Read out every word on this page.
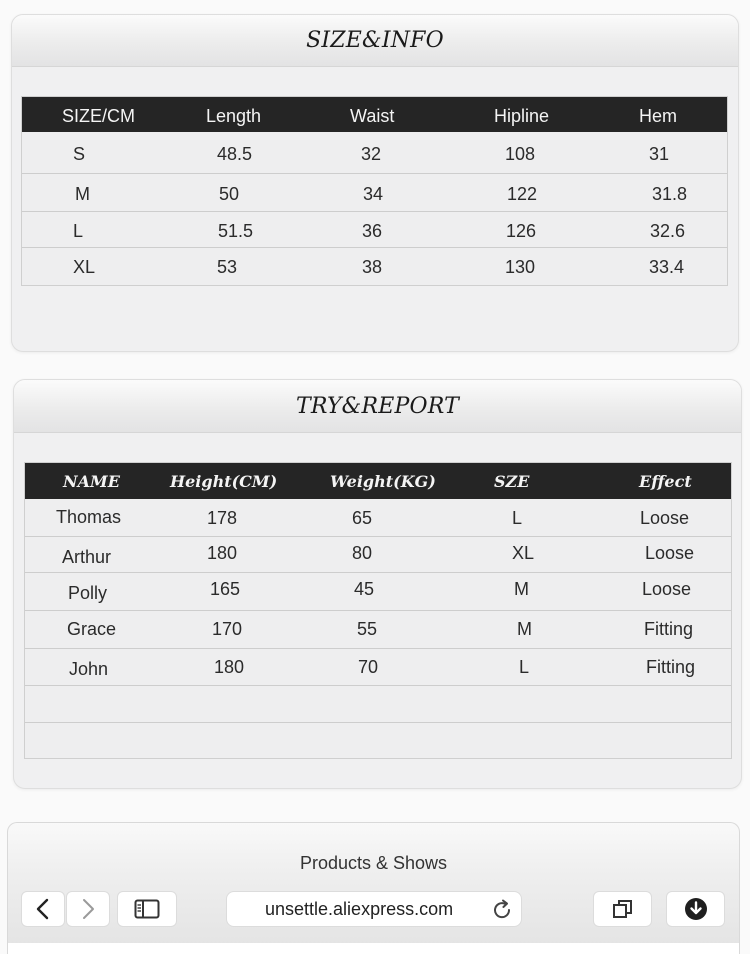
SIZE&INFO
SIZE/CM	Length	Waist	Hipline	Hem
S	48.5	32	108	31
M	50	34	122	31.8
L	51.5	36	126	32.6
XL	53	38	130	33.4
TRY&REPORT
NAME	Height(CM)	Weight(KG)	SZE	Effect
Thomas	178	65	L	Loose
Arthur	180	80	XL	Loose
Polly	165	45	M	Loose
Grace	170	55	M	Fitting
John	180	70	L	Fitting
Products & Shows
unsettle.aliexpress.com
